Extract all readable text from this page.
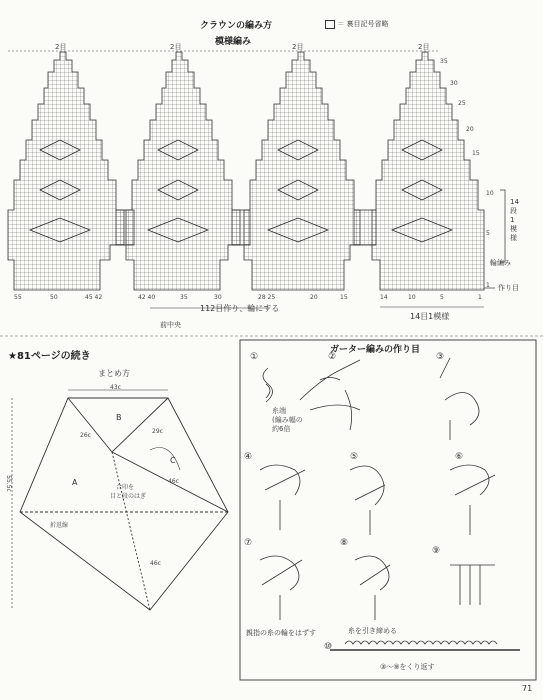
クラウンの編み方	＝ 裏目記号省略
模様編み
2目	2目	2目	2目
35
30
25
20
15
10
5
1
14段1模様
輪編み
作り目
55	50	45 42	42 40	35	30	28 25	20	15	14	10	5	1
112目作り、輪にする
前中央
14目1模様
★81ページの続き
まとめ方
43c
55.5c	A
B
C
26c
29c
46c
46c
合印を
目と段のはぎ
折返線
ガーター編みの作り目
①	②	③
④	⑤	⑥
⑦	⑧
⑨
⑩
糸端
(編み幅の
約6倍
親指の糸の輪をはずす	糸を引き締める
③～⑨をくり返す
71
